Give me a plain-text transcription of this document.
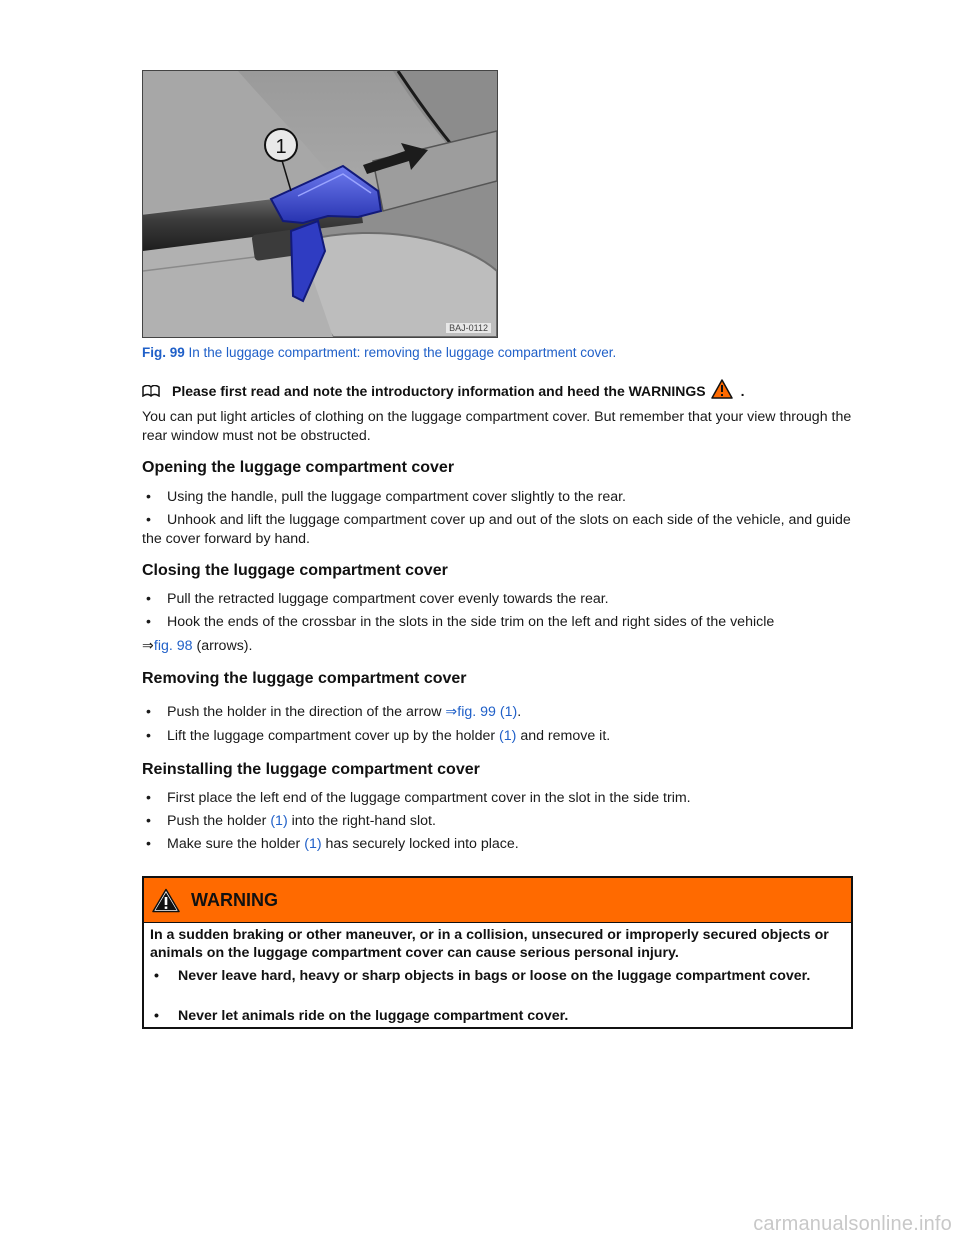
1
BAJ-0112
Fig. 99 In the luggage compartment: removing the luggage compartment cover.
Please first read and note the introductory information and heed the WARNINGS	.
You can put light articles of clothing on the luggage compartment cover. But remember that your view through the rear window must not be obstructed.
Opening the luggage compartment cover
• Using the handle, pull the luggage compartment cover slightly to the rear.
• Unhook and lift the luggage compartment cover up and out of the slots on each side of the vehicle, and guide the cover forward by hand.
Closing the luggage compartment cover
• Pull the retracted luggage compartment cover evenly towards the rear.
• Hook the ends of the crossbar in the slots in the side trim on the left and right sides of the vehicle
⇒fig. 98 (arrows).
Removing the luggage compartment cover
• Push the holder in the direction of the arrow ⇒fig. 99 (1).
• Lift the luggage compartment cover up by the holder (1) and remove it.
Reinstalling the luggage compartment cover
• First place the left end of the luggage compartment cover in the slot in the side trim.
• Push the holder (1) into the right-hand slot.
• Make sure the holder (1) has securely locked into place.
WARNING
In a sudden braking or other maneuver, or in a collision, unsecured or improperly secured objects or animals on the luggage compartment cover can cause serious personal injury.
• Never leave hard, heavy or sharp objects in bags or loose on the luggage compartment cover.
• Never let animals ride on the luggage compartment cover.
carmanualsonline.info
